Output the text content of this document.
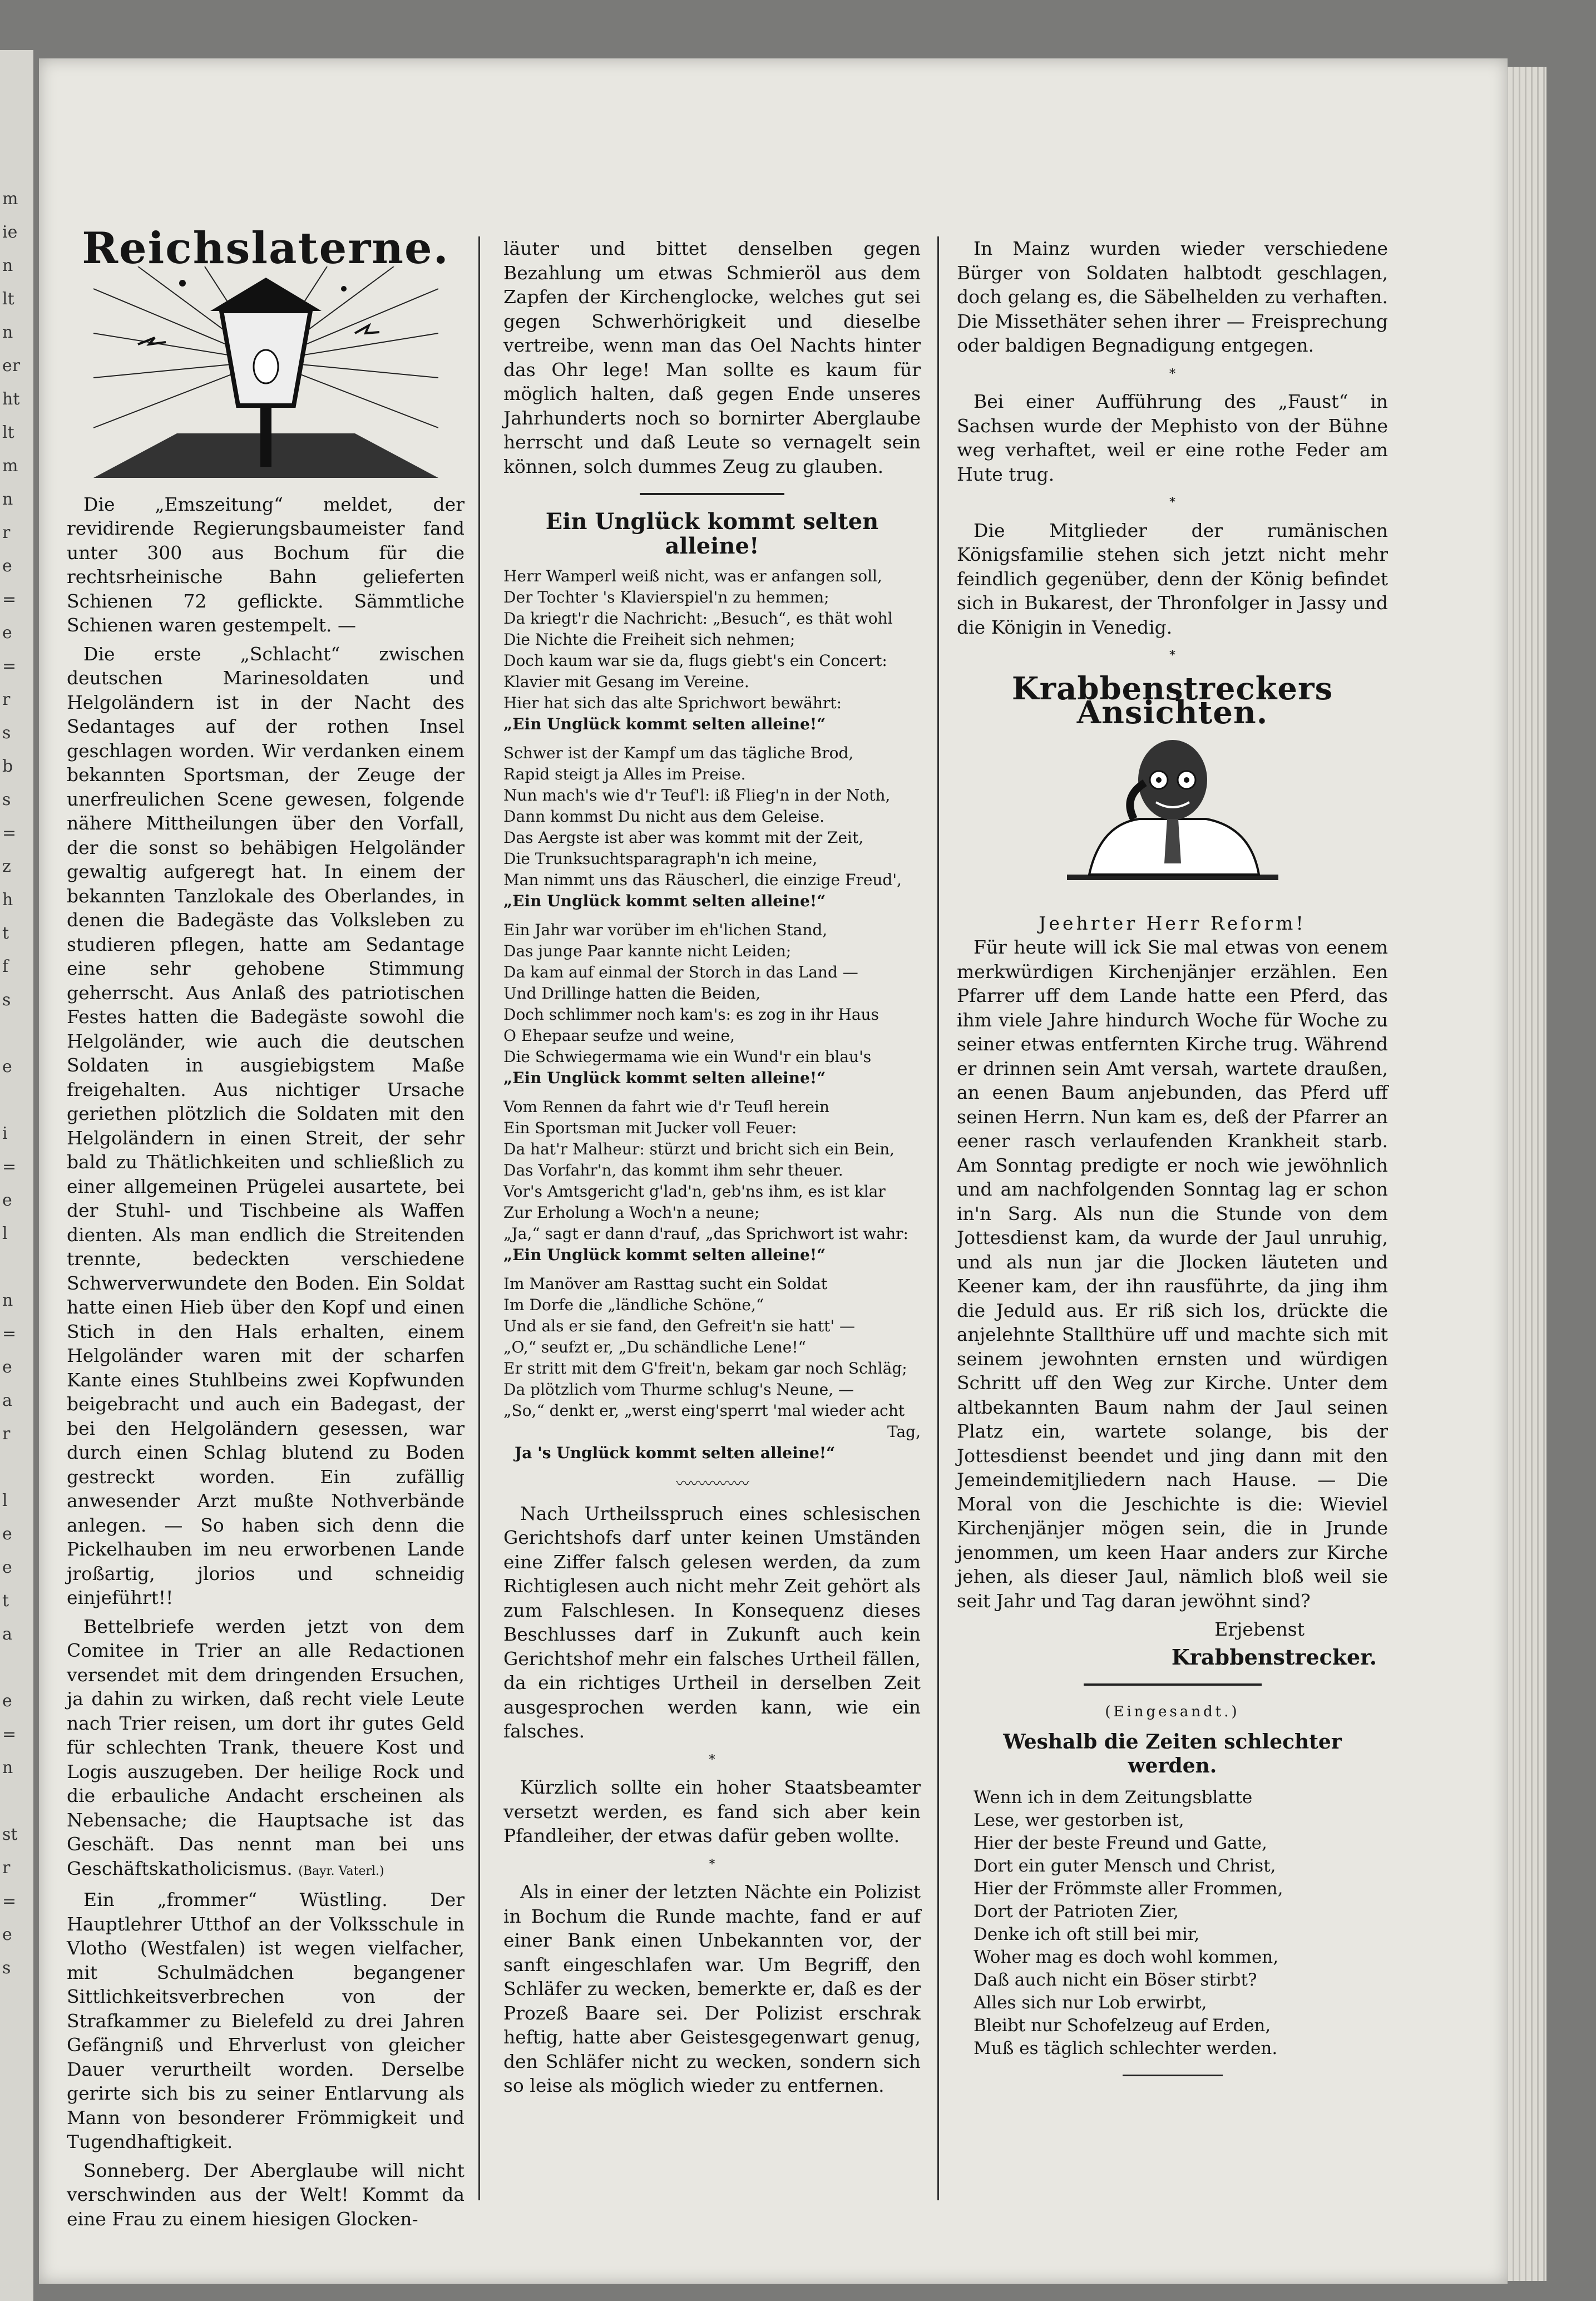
m
ie
n
lt
n
er
ht
lt
m
n
r
e
=
e
=
r
s
b
s
=
z
h
t
f
s
e
i
=
e
l
n
=
e
a
r
l
e
e
t
a
e
=
n
st
r
=
e
s
Reichslaterne.

Die „Emszeitung“ meldet, der revidirende Regierungsbaumeister fand unter 300 aus Bochum für die rechtsrheinische Bahn gelieferten Schienen 72 geflickte. Sämmtliche Schienen waren gestempelt. —

Die erste „Schlacht“ zwischen deutschen Marinesoldaten und Helgoländern ist in der Nacht des Sedantages auf der rothen Insel geschlagen worden. Wir verdanken einem bekannten Sportsman, der Zeuge der unerfreulichen Scene gewesen, folgende nähere Mittheilungen über den Vorfall, der die sonst so behäbigen Helgoländer gewaltig aufgeregt hat. In einem der bekannten Tanzlokale des Oberlandes, in denen die Badegäste das Volksleben zu studieren pflegen, hatte am Sedantage eine sehr gehobene Stimmung geherrscht. Aus Anlaß des patriotischen Festes hatten die Badegäste sowohl die Helgoländer, wie auch die deutschen Soldaten in ausgiebigstem Maße freigehalten. Aus nichtiger Ursache geriethen plötzlich die Soldaten mit den Helgoländern in einen Streit, der sehr bald zu Thätlichkeiten und schließlich zu einer allgemeinen Prügelei ausartete, bei der Stuhl- und Tischbeine als Waffen dienten. Als man endlich die Streitenden trennte, bedeckten verschiedene Schwerverwundete den Boden. Ein Soldat hatte einen Hieb über den Kopf und einen Stich in den Hals erhalten, einem Helgoländer waren mit der scharfen Kante eines Stuhlbeins zwei Kopfwunden beigebracht und auch ein Badegast, der bei den Helgoländern gesessen, war durch einen Schlag blutend zu Boden gestreckt worden. Ein zufällig anwesender Arzt mußte Nothverbände anlegen. — So haben sich denn die Pickelhauben im neu erworbenen Lande jroßartig, jlorios und schneidig einjeführt!!

Bettelbriefe werden jetzt von dem Comitee in Trier an alle Redactionen versendet mit dem dringenden Ersuchen, ja dahin zu wirken, daß recht viele Leute nach Trier reisen, um dort ihr gutes Geld für schlechten Trank, theuere Kost und Logis auszugeben. Der heilige Rock und die erbauliche Andacht erscheinen als Nebensache; die Hauptsache ist das Geschäft. Das nennt man bei uns Geschäftskatholicismus. (Bayr. Vaterl.)

Ein „frommer“ Wüstling. Der Hauptlehrer Utthof an der Volksschule in Vlotho (Westfalen) ist wegen vielfacher, mit Schulmädchen begangener Sittlichkeitsverbrechen von der Strafkammer zu Bielefeld zu drei Jahren Gefängniß und Ehrverlust von gleicher Dauer verurtheilt worden. Derselbe gerirte sich bis zu seiner Entlarvung als Mann von besonderer Frömmigkeit und Tugendhaftigkeit.

Sonneberg. Der Aberglaube will nicht verschwinden aus der Welt! Kommt da eine Frau zu einem hiesigen Glocken-

läuter und bittet denselben gegen Bezahlung um etwas Schmieröl aus dem Zapfen der Kirchenglocke, welches gut sei gegen Schwerhörigkeit und dieselbe vertreibe, wenn man das Oel Nachts hinter das Ohr lege! Man sollte es kaum für möglich halten, daß gegen Ende unseres Jahrhunderts noch so bornirter Aberglaube herrscht und daß Leute so vernagelt sein können, solch dummes Zeug zu glauben.

Ein Unglück kommt selten alleine!
Herr Wamperl weiß nicht, was er anfangen soll,
Der Tochter 's Klavierspiel'n zu hemmen;
Da kriegt'r die Nachricht: „Besuch“, es thät wohl
Die Nichte die Freiheit sich nehmen;
Doch kaum war sie da, flugs giebt's ein Concert:
Klavier mit Gesang im Vereine.
Hier hat sich das alte Sprichwort bewährt:
„Ein Unglück kommt selten alleine!“
Schwer ist der Kampf um das tägliche Brod,
Rapid steigt ja Alles im Preise.
Nun mach's wie d'r Teuf'l: iß Flieg'n in der Noth,
Dann kommst Du nicht aus dem Geleise.
Das Aergste ist aber was kommt mit der Zeit,
Die Trunksuchtsparagraph'n ich meine,
Man nimmt uns das Räuscherl, die einzige Freud',
„Ein Unglück kommt selten alleine!“
Ein Jahr war vorüber im eh'lichen Stand,
Das junge Paar kannte nicht Leiden;
Da kam auf einmal der Storch in das Land —
Und Drillinge hatten die Beiden,
Doch schlimmer noch kam's: es zog in ihr Haus
O Ehepaar seufze und weine,
Die Schwiegermama wie ein Wund'r ein blau's
„Ein Unglück kommt selten alleine!“
Vom Rennen da fahrt wie d'r Teufl herein
Ein Sportsman mit Jucker voll Feuer:
Da hat'r Malheur: stürzt und bricht sich ein Bein,
Das Vorfahr'n, das kommt ihm sehr theuer.
Vor's Amtsgericht g'lad'n, geb'ns ihm, es ist klar
Zur Erholung a Woch'n a neune;
„Ja,“ sagt er dann d'rauf, „das Sprichwort ist wahr:
„Ein Unglück kommt selten alleine!“
Im Manöver am Rasttag sucht ein Soldat
Im Dorfe die „ländliche Schöne,“
Und als er sie fand, den Gefreit'n sie hatt' —
„O,“ seufzt er, „Du schändliche Lene!“
Er stritt mit dem G'freit'n, bekam gar noch Schläg;
Da plötzlich vom Thurme schlug's Neune, —
„So,“ denkt er, „werst eing'sperrt 'mal wieder acht
Tag,
Ja 's Unglück kommt selten alleine!“
〰〰〰〰〰

Nach Urtheilsspruch eines schlesischen Gerichtshofs darf unter keinen Umständen eine Ziffer falsch gelesen werden, da zum Richtiglesen auch nicht mehr Zeit gehört als zum Falschlesen. In Konsequenz dieses Beschlusses darf in Zukunft auch kein Gerichtshof mehr ein falsches Urtheil fällen, da ein richtiges Urtheil in derselben Zeit ausgesprochen werden kann, wie ein falsches.

*

Kürzlich sollte ein hoher Staatsbeamter versetzt werden, es fand sich aber kein Pfandleiher, der etwas dafür geben wollte.

*

Als in einer der letzten Nächte ein Polizist in Bochum die Runde machte, fand er auf einer Bank einen Unbekannten vor, der sanft eingeschlafen war. Um Begriff, den Schläfer zu wecken, bemerkte er, daß es der Prozeß Baare sei. Der Polizist erschrak heftig, hatte aber Geistesgegenwart genug, den Schläfer nicht zu wecken, sondern sich so leise als möglich wieder zu entfernen.

In Mainz wurden wieder verschiedene Bürger von Soldaten halbtodt geschlagen, doch gelang es, die Säbelhelden zu verhaften. Die Missethäter sehen ihrer — Freisprechung oder baldigen Begnadigung entgegen.

*

Bei einer Aufführung des „Faust“ in Sachsen wurde der Mephisto von der Bühne weg verhaftet, weil er eine rothe Feder am Hute trug.

*

Die Mitglieder der rumänischen Königsfamilie stehen sich jetzt nicht mehr feindlich gegenüber, denn der König befindet sich in Bukarest, der Thronfolger in Jassy und die Königin in Venedig.

*
Krabbenstreckers Ansichten.
Jeehrter Herr Reform!

Für heute will ick Sie mal etwas von eenem merkwürdigen Kirchenjänjer erzählen. Een Pfarrer uff dem Lande hatte een Pferd, das ihm viele Jahre hindurch Woche für Woche zu seiner etwas entfernten Kirche trug. Während er drinnen sein Amt versah, wartete draußen, an eenen Baum anjebunden, das Pferd uff seinen Herrn. Nun kam es, deß der Pfarrer an eener rasch verlaufenden Krankheit starb. Am Sonntag predigte er noch wie jewöhnlich und am nachfolgenden Sonntag lag er schon in'n Sarg. Als nun die Stunde von dem Jottesdienst kam, da wurde der Jaul unruhig, und als nun jar die Jlocken läuteten und Keener kam, der ihn rausführte, da jing ihm die Jeduld aus. Er riß sich los, drückte die anjelehnte Stallthüre uff und machte sich mit seinem jewohnten ernsten und würdigen Schritt uff den Weg zur Kirche. Unter dem altbekannten Baum nahm der Jaul seinen Platz ein, wartete solange, bis der Jottesdienst beendet und jing dann mit den Jemeindemitjliedern nach Hause. — Die Moral von die Jeschichte is die: Wieviel Kirchenjänjer mögen sein, die in Jrunde jenommen, um keen Haar anders zur Kirche jehen, als dieser Jaul, nämlich bloß weil sie seit Jahr und Tag daran jewöhnt sind?

Erjebenst
Krabbenstrecker.
(Eingesandt.)
Weshalb die Zeiten schlechter werden.
Wenn ich in dem Zeitungsblatte
Lese, wer gestorben ist,
Hier der beste Freund und Gatte,
Dort ein guter Mensch und Christ,
Hier der Frömmste aller Frommen,
Dort der Patrioten Zier,
Denke ich oft still bei mir,
Woher mag es doch wohl kommen,
Daß auch nicht ein Böser stirbt?
Alles sich nur Lob erwirbt,
Bleibt nur Schofelzeug auf Erden,
Muß es täglich schlechter werden.
